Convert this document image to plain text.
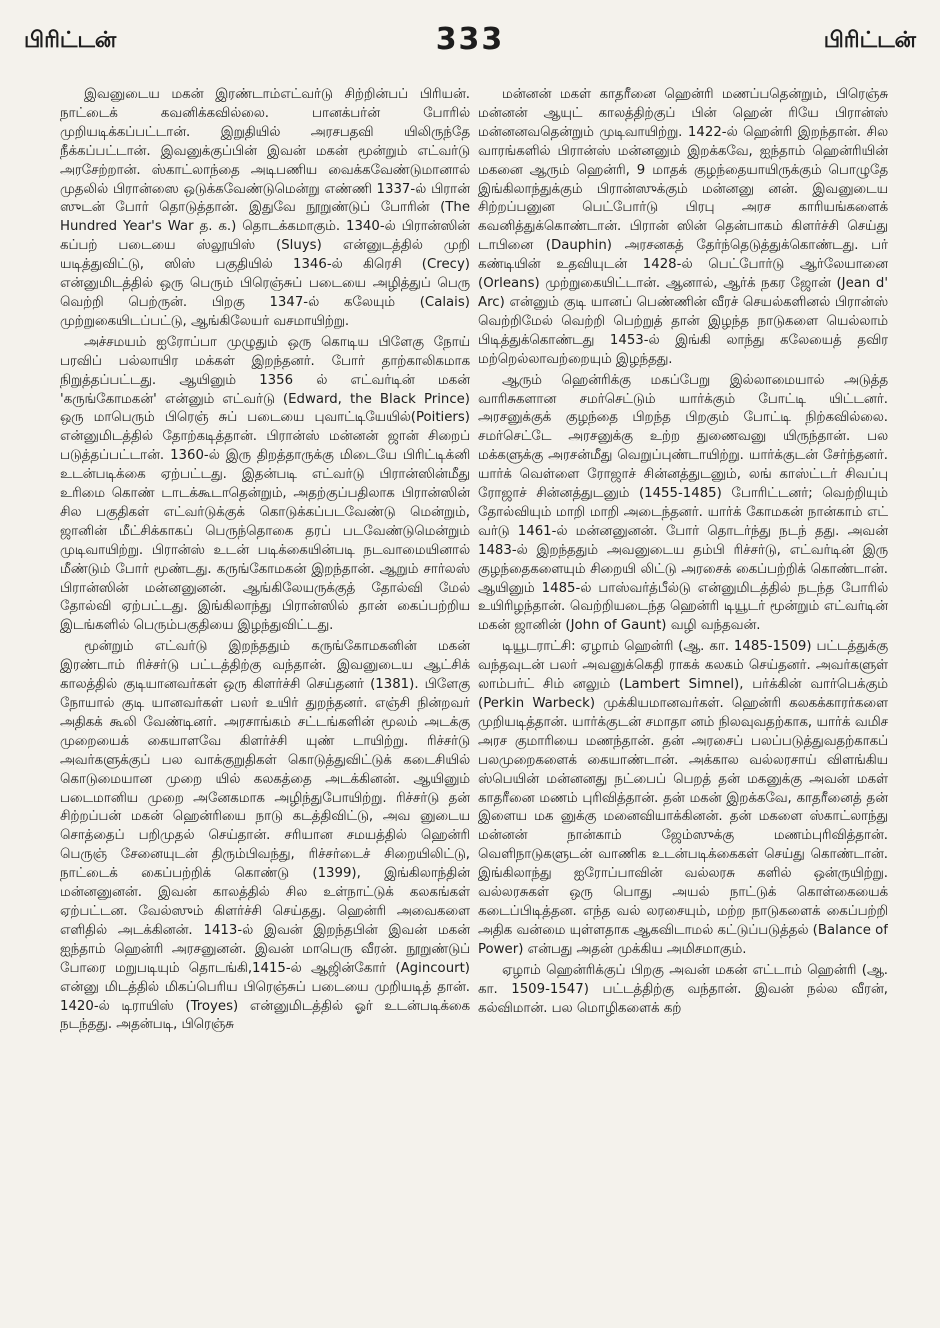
பிரிட்டன்	333	பிரிட்டன்

இவனுடைய மகன் இரண்டாம்எட்வர்டு சிற்றின்பப் பிரியன். நாட்டைக் கவனிக்கவில்லை. பானக்பர்ன் போரில் முறியடிக்கப்பட்டான். இறுதியில் அரசபதவி யிலிருந்தே நீக்கப்பட்டான். இவனுக்குப்பின் இவன் மகன் மூன்றும் எட்வர்டு அரசேற்றான். ஸ்காட்லாந்தை அடிபணிய வைக்கவேண்டுமானால் முதலில் பிரான்ஸை ஒடுக்கவேண்டுமென்று எண்ணி 1337-ல் பிரான் ஸுடன் போர் தொடுத்தான். இதுவே நூறுண்டுப் போரின் (The Hundred Year's War த. க.) தொடக்கமாகும். 1340-ல் பிரான்ஸின் கப்பற் படையை ஸ்லூயிஸ் (Sluys) என்னுடத்தில் முறி யடித்துவிட்டு, ஸிஸ் பகுதியில் 1346-ல் கிரெசி (Crecy) என்னுமிடத்தில் ஒரு பெரும் பிரெஞ்சுப் படையை அழித்துப் பெரு வெற்றி பெற்ருன். பிறகு 1347-ல் கலேயும் (Calais) முற்றுகையிடப்பட்டு, ஆங்கிலேயர் வசமாயிற்று.

அச்சமயம் ஐரோப்பா முழுதும் ஒரு கொடிய பிளேகு நோய் பரவிப் பல்லாயிர மக்கள் இறந்தனர். போர் தாற்காலிகமாக நிறுத்தப்பட்டது. ஆயினும் 1356 ல் எட்வர்டின் மகன் 'கருங்கோமகன்' என்னும் எட்வர்டு (Edward, the Black Prince) ஒரு மாபெரும் பிரெஞ் சுப் படையை புவாட்டியேயில்(Poitiers) என்னுமிடத்தில் தோற்கடித்தான். பிரான்ஸ் மன்னன் ஜான் சிறைப் படுத்தப்பட்டான். 1360-ல் இரு திறத்தாருக்கு மிடையே பிரிட்டிக்னி உடன்படிக்கை ஏற்பட்டது. இதன்படி எட்வர்டு பிரான்ஸின்மீது உரிமை கொண் டாடக்கூடாதென்றும், அதற்குப்பதிலாக பிரான்ஸின் சில பகுதிகள் எட்வர்டுக்குக் கொடுக்கப்படவேண்டு மென்றும், ஜானின் மீட்சிக்காகப் பெருந்தொகை தரப் படவேண்டுமென்றும் முடிவாயிற்று. பிரான்ஸ் உடன் படிக்கையின்படி நடவாமையினால் மீண்டும் போர் மூண்டது. கருங்கோமகன் இறந்தான். ஆறும் சார்லஸ் பிரான்ஸின் மன்னனுனன். ஆங்கிலேயருக்குத் தோல்வி மேல் தோல்வி ஏற்பட்டது. இங்கிலாந்து பிரான்ஸில் தான் கைப்பற்றிய இடங்களில் பெரும்பகுதியை இழந்துவிட்டது.

மூன்றும் எட்வர்டு இறந்ததும் கருங்கோமகனின் மகன் இரண்டாம் ரிச்சர்டு பட்டத்திற்கு வந்தான். இவனுடைய ஆட்சிக் காலத்தில் குடியானவர்கள் ஒரு கிளர்ச்சி செய்தனர் (1381). பிளேகு நோயால் குடி யானவர்கள் பலர் உயிர் துறந்தனர். எஞ்சி நின்றவர் அதிகக் கூலி வேண்டினர். அரசாங்கம் சட்டங்களின் மூலம் அடக்கு முறையைக் கையாளவே கிளர்ச்சி யுண் டாயிற்று. ரிச்சர்டு அவர்களுக்குப் பல வாக்குறுதிகள் கொடுத்துவிட்டுக் கடைசியில் கொடுமையான முறை யில் கலகத்தை அடக்கினன். ஆயினும் படைமானிய முறை அனேகமாக அழிந்துபோயிற்று. ரிச்சர்டு தன் சிற்றப்பன் மகன் ஹென்ரியை நாடு கடத்திவிட்டு, அவ னுடைய சொத்தைப் பறிமுதல் செய்தான். சரியான சமயத்தில் ஹென்ரி பெருஞ் சேனையுடன் திரும்பிவந்து, ரிச்சர்டைச் சிறையிலிட்டு, நாட்டைக் கைப்பற்றிக் கொண்டு (1399), இங்கிலாந்தின் மன்னனுனன். இவன் காலத்தில் சில உள்நாட்டுக் கலகங்கள் ஏற்பட்டன. வேல்ஸும் கிளர்ச்சி செய்தது. ஹென்ரி அவைகளை எளிதில் அடக்கினன். 1413-ல் இவன் இறந்தபின் இவன் மகன் ஐந்தாம் ஹென்ரி அரசனுனன். இவன் மாபெரு வீரன். நூறுண்டுப் போரை மறுபடியும் தொடங்கி,1415-ல் ஆஜின்கோர் (Agincourt) என்னு மிடத்தில் மிகப்பெரிய பிரெஞ்சுப் படையை முறியடித் தான். 1420-ல் டிராயிஸ் (Troyes) என்னுமிடத்தில் ஓர் உடன்படிக்கை நடந்தது. அதன்படி, பிரெஞ்சு

மன்னன் மகள் காதரீனை ஹென்ரி மணப்பதென்றும், பிரெஞ்சு மன்னன் ஆயுட் காலத்திற்குப் பின் ஹென் ரியே பிரான்ஸ் மன்னனவதென்றும் முடிவாயிற்று. 1422-ல் ஹென்ரி இறந்தான். சில வாரங்களில் பிரான்ஸ் மன்னனும் இறக்கவே, ஐந்தாம் ஹென்ரியின் மகனை ஆரும் ஹென்ரி, 9 மாதக் குழந்தையாயிருக்கும் பொழுதே இங்கிலாந்துக்கும் பிரான்ஸுக்கும் மன்னனு னன். இவனுடைய சிற்றப்பனுன பெட்போர்டு பிரபு அரச காரியங்களைக் கவனித்துக்கொண்டான். பிரான் ஸின் தென்பாகம் கிளர்ச்சி செய்து டாபினை (Dauphin) அரசனகத் தேர்ந்தெடுத்துக்கொண்டது. பர் கண்டியின் உதவியுடன் 1428-ல் பெட்போர்டு ஆர்லேயானை (Orleans) முற்றுகையிட்டான். ஆனால், ஆர்க் நகர ஜோன் (Jean d' Arc) என்னும் குடி யானப் பெண்ணின் வீரச் செயல்களினல் பிரான்ஸ் வெற்றிமேல் வெற்றி பெற்றுத் தான் இழந்த நாடுகளை யெல்லாம் பிடித்துக்கொண்டது 1453-ல் இங்கி லாந்து கலேயைத் தவிர மற்றெல்லாவற்றையும் இழந்தது.

ஆரும் ஹென்ரிக்கு மகப்பேறு இல்லாமையால் அடுத்த வாரிசுகளான சமர்செட்டும் யார்க்கும் போட்டி யிட்டனர். அரசனுக்குக் குழந்தை பிறந்த பிறகும் போட்டி நிற்கவில்லை. சமர்செட்டே அரசனுக்கு உற்ற துணைவனு யிருந்தான். பல மக்களுக்கு அரசன்மீது வெறுப்புண்டாயிற்று. யார்க்குடன் சேர்ந்தனர். யார்க் வெள்ளை ரோஜாச் சின்னத்துடனும், லங் காஸ்ட்டர் சிவப்பு ரோஜாச் சின்னத்துடனும் (1455-1485) போரிட்டனர்; வெற்றியும் தோல்வியும் மாறி மாறி அடைந்தனர். யார்க் கோமகன் நான்காம் எட் வர்டு 1461-ல் மன்னனுனன். போர் தொடர்ந்து நடந் தது. அவன் 1483-ல் இறந்ததும் அவனுடைய தம்பி ரிச்சர்டு, எட்வர்டின் இரு குழந்தைகளையும் சிறையி லிட்டு அரசைக் கைப்பற்றிக் கொண்டான். ஆயினும் 1485-ல் பாஸ்வர்த்பீல்டு என்னுமிடத்தில் நடந்த போரில் உயிரிழந்தான். வெற்றியடைந்த ஹென்ரி டியூடர் மூன்றும் எட்வர்டின் மகன் ஜானின் (John of Gaunt) வழி வந்தவன்.

டியூடராட்சி: ஏழாம் ஹென்ரி (ஆ. கா. 1485-1509) பட்டத்துக்கு வந்தவுடன் பலர் அவனுக்கெதி ராகக் கலகம் செய்தனர். அவர்களுள் லாம்பர்ட் சிம் னலும் (Lambert Simnel), பர்க்கின் வார்பெக்கும் (Perkin Warbeck) முக்கியமானவர்கள். ஹென்ரி கலகக்காரர்களை முறியடித்தான். யார்க்குடன் சமாதா னம் நிலவுவதற்காக, யார்க் வமிச அரச குமாரியை மணந்தான். தன் அரசைப் பலப்படுத்துவதற்காகப் பலமுறைகளைக் கையாண்டான். அக்கால வல்லரசாய் விளங்கிய ஸ்பெயின் மன்னனது நட்பைப் பெறத் தன் மகனுக்கு அவன் மகள் காதரீனை மணம் புரிவித்தான். தன் மகன் இறக்கவே, காதரீனைத் தன் இளைய மக னுக்கு மனைவியாக்கினன். தன் மகளை ஸ்காட்லாந்து மன்னன் நான்காம் ஜேம்ஸுக்கு மணம்புரிவித்தான். வெளிநாடுகளுடன் வாணிக உடன்படிக்கைகள் செய்து கொண்டான். இங்கிலாந்து ஐரோப்பாவின் வல்லரசு களில் ஒன்ருயிற்று. வல்லரசுகள் ஒரு பொது அயல் நாட்டுக் கொள்கையைக் கடைப்பிடித்தன. எந்த வல் லரசையும், மற்ற நாடுகளைக் கைப்பற்றி அதிக வன்மை யுள்ளதாக ஆகவிடாமல் கட்டுப்படுத்தல் (Balance of Power) என்பது அதன் முக்கிய அமிசமாகும்.

ஏழாம் ஹென்ரிக்குப் பிறகு அவன் மகன் எட்டாம் ஹென்ரி (ஆ. கா. 1509-1547) பட்டத்திற்கு வந்தான். இவன் நல்ல வீரன், கல்விமான். பல மொழிகளைக் கற்
